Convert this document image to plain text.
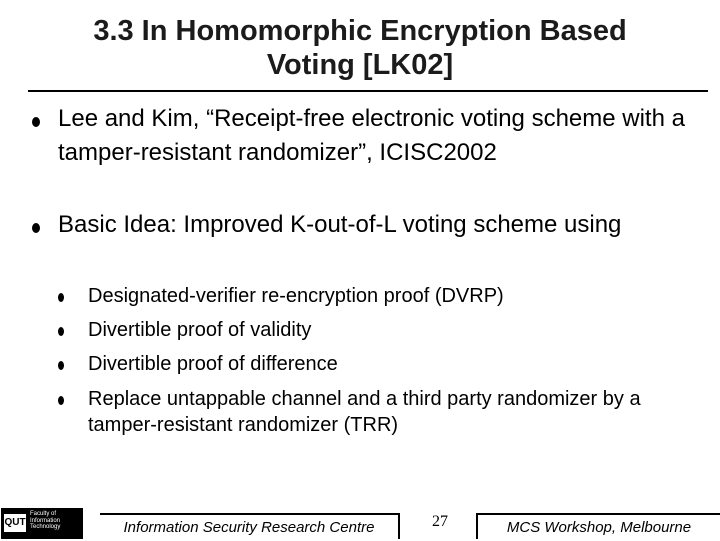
3.3 In Homomorphic Encryption Based
Voting [LK02]
Lee and Kim, “Receipt-free electronic voting scheme with a tamper-resistant randomizer”, ICISC2002
Basic Idea: Improved K-out-of-L voting scheme using
Designated-verifier re-encryption proof (DVRP)
Divertible proof of validity
Divertible proof of difference
Replace untappable channel and a third party randomizer by a tamper-resistant randomizer (TRR)
QUT
Faculty of
Information
Technology	Information Security Research Centre	27	MCS Workshop, Melbourne
